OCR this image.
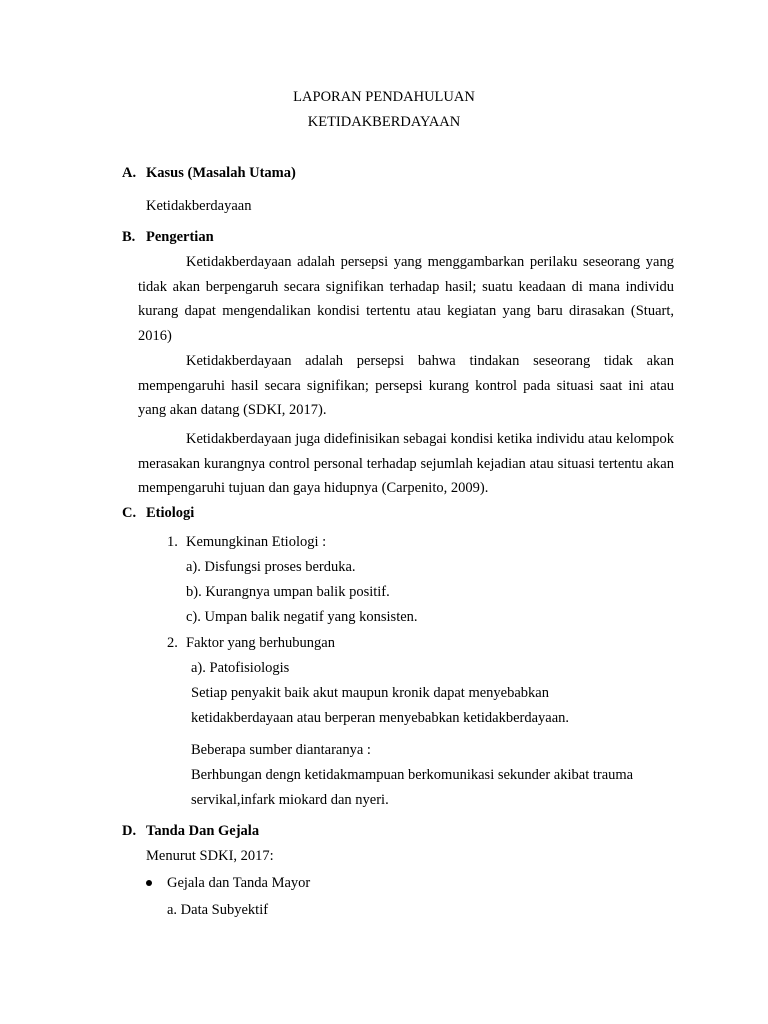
LAPORAN PENDAHULUAN
KETIDAKBERDAYAAN
A. Kasus (Masalah Utama)
Ketidakberdayaan
B. Pengertian
Ketidakberdayaan adalah persepsi yang menggambarkan perilaku seseorang yang tidak akan berpengaruh secara signifikan terhadap hasil; suatu keadaan di mana individu kurang dapat mengendalikan kondisi tertentu atau kegiatan yang baru dirasakan (Stuart, 2016)
Ketidakberdayaan adalah persepsi bahwa tindakan seseorang tidak akan mempengaruhi hasil secara signifikan; persepsi kurang kontrol pada situasi saat ini atau yang akan datang (SDKI, 2017).
Ketidakberdayaan juga didefinisikan sebagai kondisi ketika individu atau kelompok merasakan kurangnya control personal terhadap sejumlah kejadian atau situasi tertentu akan mempengaruhi tujuan dan gaya hidupnya (Carpenito, 2009).
C. Etiologi
1. Kemungkinan Etiologi :
a). Disfungsi proses berduka.
b). Kurangnya umpan balik positif.
c). Umpan balik negatif yang konsisten.
2. Faktor yang berhubungan
a). Patofisiologis
Setiap penyakit baik akut maupun kronik dapat menyebabkan
ketidakberdayaan atau berperan menyebabkan ketidakberdayaan.
Beberapa sumber diantaranya :
Berhbungan dengn ketidakmampuan berkomunikasi sekunder akibat trauma
servikal,infark miokard dan nyeri.
D. Tanda Dan Gejala
Menurut SDKI, 2017:
Gejala dan Tanda Mayor
a. Data Subyektif
